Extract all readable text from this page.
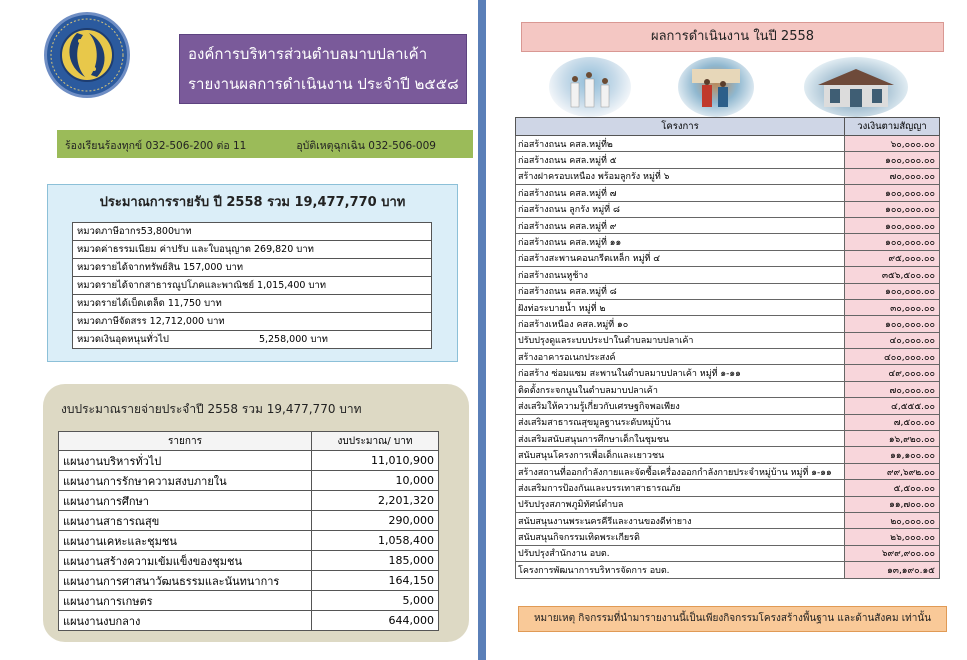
องค์การบริหารส่วนตำบลมาบปลาเค้า
รายงานผลการดำเนินงาน ประจำปี ๒๕๕๘
ร้องเรียนร้องทุกข์ 032-506-200 ต่อ 11	อุบัติเหตุฉุกเฉิน 032-506-009
ประมาณการรายรับ ปี 2558 รวม 19,477,770 บาท
หมวดภาษีอากร53,800บาท
หมวดค่าธรรมเนียม ค่าปรับ และใบอนุญาต 269,820 บาท
หมวดรายได้จากทรัพย์สิน 157,000 บาท
หมวดรายได้จากสาธารณูปโภคและพาณิชย์ 1,015,400 บาท
หมวดรายได้เบ็ดเตล็ด 11,750 บาท
หมวดภาษีจัดสรร 12,712,000 บาท
หมวดเงินอุดหนุนทั่วไป	5,258,000 บาท
งบประมาณรายจ่ายประจำปี 2558 รวม 19,477,770 บาท
รายการ	งบประมาณ/ บาท
แผนงานบริหารทั่วไป	11,010,900
แผนงานการรักษาความสงบภายใน	10,000
แผนงานการศึกษา	2,201,320
แผนงานสาธารณสุข	290,000
แผนงานเคหะและชุมชน	1,058,400
แผนงานสร้างความเข้มแข็งของชุมชน	185,000
แผนงานการศาสนาวัฒนธรรมและนันทนาการ	164,150
แผนงานการเกษตร	5,000
แผนงานงบกลาง	644,000
ผลการดำเนินงาน ในปี 2558
โครงการ	วงเงินตามสัญญา
ก่อสร้างถนน คสล.หมู่ที่๒	๖๐,๐๐๐.๐๐
ก่อสร้างถนน คสล.หมู่ที่ ๕	๑๐๐,๐๐๐.๐๐
สร้างฝาครอบเหนือง พร้อมลูกรัง หมู่ที่ ๖	๗๐,๐๐๐.๐๐
ก่อสร้างถนน คสล.หมู่ที่ ๗	๑๐๐,๐๐๐.๐๐
ก่อสร้างถนน ลูกรัง หมู่ที่ ๘	๑๐๐,๐๐๐.๐๐
ก่อสร้างถนน คสล.หมู่ที่ ๙	๑๐๐,๐๐๐.๐๐
ก่อสร้างถนน คสล.หมู่ที่ ๑๑	๑๐๐,๐๐๐.๐๐
ก่อสร้างสะพานคอนกรีตเหล็ก หมู่ที่ ๔	๙๕,๐๐๐.๐๐
ก่อสร้างถนนหูช้าง	๓๕๖,๕๐๐.๐๐
ก่อสร้างถนน คสล.หมู่ที่ ๘	๑๐๐,๐๐๐.๐๐
ฝังท่อระบายน้ำ หมู่ที่ ๒	๓๐,๐๐๐.๐๐
ก่อสร้างเหนือง คสล.หมู่ที่ ๑๐	๑๐๐,๐๐๐.๐๐
ปรับปรุงดูแลระบบประปาในตำบลมาบปลาเค้า	๔๐,๐๐๐.๐๐
สร้างอาคารอเนกประสงค์	๔๐๐,๐๐๐.๐๐
ก่อสร้าง ซ่อมแซม สะพานในตำบลมาบปลาเค้า หมู่ที่ ๑-๑๑	๔๙,๐๐๐.๐๐
ติดตั้งกระจกนูนในตำบลมาบปลาเค้า	๗๐,๐๐๐.๐๐
ส่งเสริมให้ความรู้เกี่ยวกับเศรษฐกิจพอเพียง	๔,๕๕๕.๐๐
ส่งเสริมสาธารณสุขมูลฐานระดับหมู่บ้าน	๗,๕๐๐.๐๐
ส่งเสริมสนับสนุนการศึกษาเด็กในชุมชน	๑๖,๙๒๐.๐๐
สนับสนุนโครงการเพื่อเด็กและเยาวชน	๑๑,๑๐๐.๐๐
สร้างสถานที่ออกกำลังกายและจัดซื้อเครื่องออกกำลังกายประจำหมู่บ้าน หมู่ที่ ๑-๑๑	๙๙,๖๙๒.๐๐
ส่งเสริมการป้องกันและบรรเทาสาธารณภัย	๕,๕๐๐.๐๐
ปรับปรุงสภาพภูมิทัศน์ตำบล	๑๑,๗๐๐.๐๐
สนับสนุนงานพระนครคีรีและงานของดีท่ายาง	๒๐,๐๐๐.๐๐
สนับสนุนกิจกรรมเทิดพระเกียรติ	๒๖,๐๐๐.๐๐
ปรับปรุงสำนักงาน อบต.	๖๙๙,๙๐๐.๐๐
โครงการพัฒนาการบริหารจัดการ อบต.	๑๓,๑๙๐.๑๕
หมายเหตุ กิจกรรมที่นำมารายงานนี้เป็นเพียงกิจกรรมโครงสร้างพื้นฐาน และด้านสังคม เท่านั้น
